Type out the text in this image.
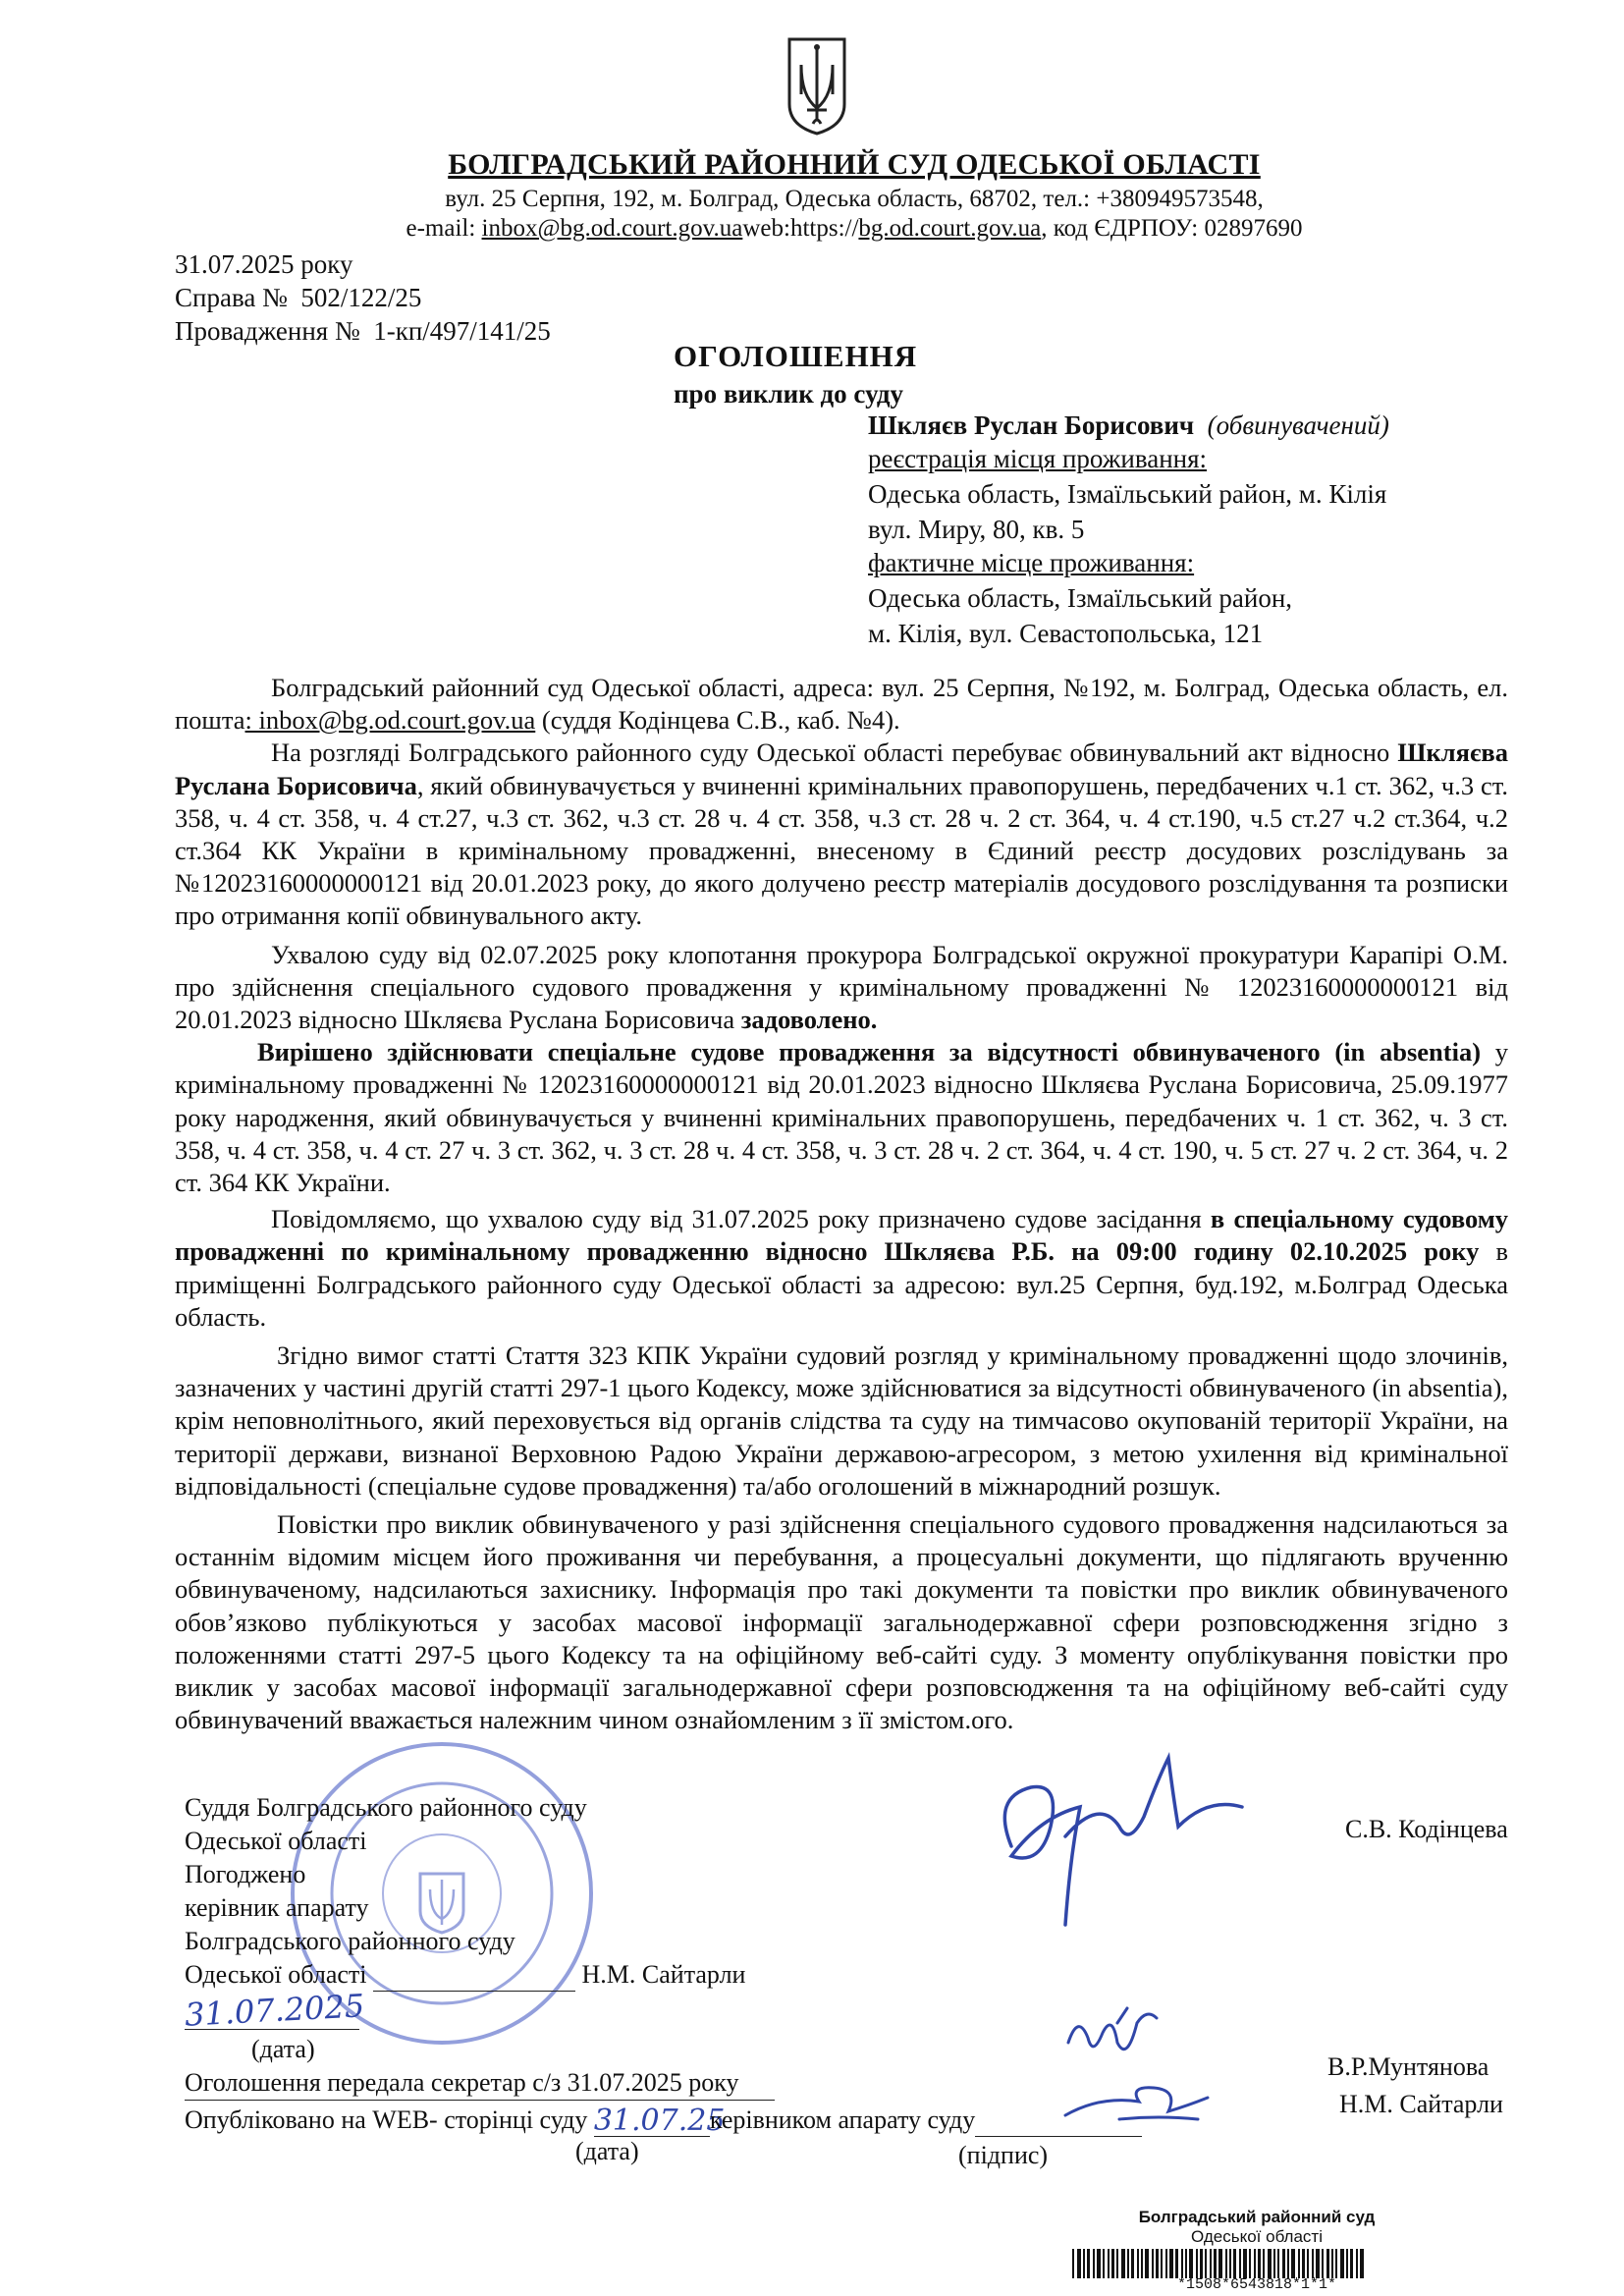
БОЛГРАДСЬКИЙ РАЙОННИЙ СУД ОДЕСЬКОЇ ОБЛАСТІ
вул. 25 Серпня, 192, м. Болград, Одеська область, 68702, тел.: +380949573548,
e-mail: inbox@bg.od.court.gov.uaweb:https://bg.od.court.gov.ua, код ЄДРПОУ: 02897690
31.07.2025 року
Справа №  502/122/25
Провадження №  1-кп/497/141/25
ОГОЛОШЕННЯ
про виклик до суду
Шкляєв Руслан Борисович (обвинувачений)
реєстрація місця проживання:
Одеська область, Ізмаїльський район, м. Кілія
вул. Миру, 80, кв. 5
фактичне місце проживання:
Одеська область, Ізмаїльський район,
м. Кілія, вул. Севастопольська, 121

Болградський районний суд Одеської області, адреса: вул. 25 Серпня, №192, м. Болград, Одеська область, ел. пошта: inbox@bg.od.court.gov.ua (суддя Кодінцева С.В., каб. №4).

На розгляді Болградського районного суду Одеської області перебуває обвинувальний акт відносно Шкляєва Руслана Борисовича, який обвинувачується у вчиненні кримінальних правопорушень, передбачених ч.1 ст. 362, ч.3 ст. 358, ч. 4 ст. 358, ч. 4 ст.27, ч.3 ст. 362, ч.3 ст. 28 ч. 4 ст. 358, ч.3 ст. 28 ч. 2 ст. 364, ч. 4 ст.190, ч.5 ст.27 ч.2 ст.364, ч.2 ст.364 КК України в кримінальному провадженні, внесеному в Єдиний реєстр досудових розслідувань за №12023160000000121 від 20.01.2023 року, до якого долучено реєстр матеріалів досудового розслідування та розписки про отримання копії обвинувального акту.

Ухвалою суду від 02.07.2025 року клопотання прокурора Болградської окружної прокуратури Карапірі О.М. про здійснення спеціального судового провадження у кримінальному провадженні № 12023160000000121 від 20.01.2023 відносно Шкляєва Руслана Борисовича задоволено.

Вирішено здійснювати спеціальне судове провадження за відсутності обвинуваченого (in absentia) у кримінальному провадженні № 12023160000000121 від 20.01.2023 відносно Шкляєва Руслана Борисовича, 25.09.1977 року народження, який обвинувачується у вчиненні кримінальних правопорушень, передбачених ч. 1 ст. 362, ч. 3 ст. 358, ч. 4 ст. 358, ч. 4 ст. 27 ч. 3 ст. 362, ч. 3 ст. 28 ч. 4 ст. 358, ч. 3 ст. 28 ч. 2 ст. 364, ч. 4 ст. 190, ч. 5 ст. 27 ч. 2 ст. 364, ч. 2 ст. 364 КК України.

Повідомляємо, що ухвалою суду від 31.07.2025 року призначено судове засідання в спеціальному судовому провадженні по кримінальному провадженню відносно Шкляєва Р.Б. на 09:00 годину 02.10.2025 року в приміщенні Болградського районного суду Одеської області за адресою: вул.25 Серпня, буд.192, м.Болград Одеська область.

Згідно вимог статті Стаття 323 КПК України судовий розгляд у кримінальному провадженні щодо злочинів, зазначених у частині другій статті 297-1 цього Кодексу, може здійснюватися за відсутності обвинуваченого (in absentia), крім неповнолітнього, який переховується від органів слідства та суду на тимчасово окупованій території України, на території держави, визнаної Верховною Радою України державою-агресором, з метою ухилення від кримінальної відповідальності (спеціальне судове провадження) та/або оголошений в міжнародний розшук.

Повістки про виклик обвинуваченого у разі здійснення спеціального судового провадження надсилаються за останнім відомим місцем його проживання чи перебування, а процесуальні документи, що підлягають врученню обвинуваченому, надсилаються захиснику. Інформація про такі документи та повістки про виклик обвинуваченого обов’язково публікуються у засобах масової інформації загальнодержавної сфери розповсюдження згідно з положеннями статті 297-5 цього Кодексу та на офіційному веб-сайті суду. З моменту опублікування повістки про виклик у засобах масової інформації загальнодержавної сфери розповсюдження та на офіційному веб-сайті суду обвинувачений вважається належним чином ознайомленим з її змістом.ого.

Суддя Болградського районного суду
Одеської області	С.В. Кодінцева
Погоджено
керівник апарату
Болградського районного суду
Одеської області	Н.М. Сайтарли
31.07.2025
(дата)
Оголошення передала секретар с/з 31.07.2025 року
В.Р.Мунтянова
Опубліковано на WEB- сторінці суду 31.07.25керівником апарату суду
Н.М. Сайтарли
(дата)	(підпис)
Болградський районний суд
Одеської області
*1508*6543818*1*1*
